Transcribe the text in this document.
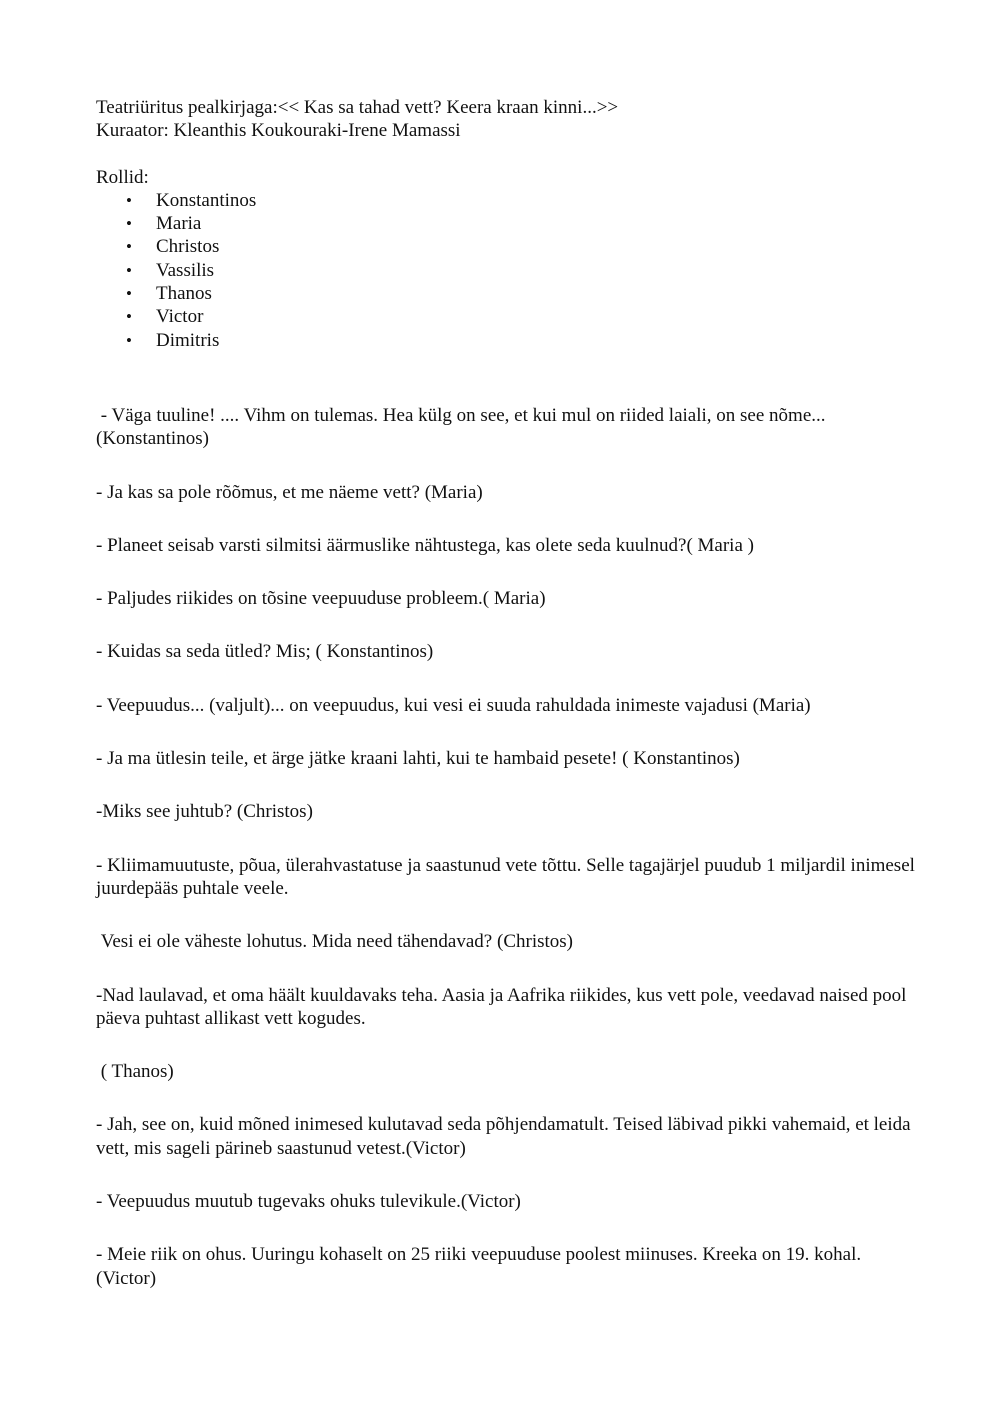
Teatriüritus pealkirjaga:<< Kas sa tahad vett? Keera kraan kinni...>>
Kuraator: Kleanthis Koukouraki-Irene Mamassi
Rollid:
• Konstantinos
• Maria
• Christos
• Vassilis
• Thanos
• Victor
• Dimitris
- Väga tuuline! .... Vihm on tulemas. Hea külg on see, et kui mul on riided laiali, on see nõme... (Konstantinos)
- Ja kas sa pole rõõmus, et me näeme vett? (Maria)
- Planeet seisab varsti silmitsi äärmuslike nähtustega, kas olete seda kuulnud?( Maria )
- Paljudes riikides on tõsine veepuuduse probleem.( Maria)
- Kuidas sa seda ütled? Mis; ( Konstantinos)
- Veepuudus... (valjult)... on veepuudus, kui vesi ei suuda rahuldada inimeste vajadusi (Maria)
- Ja ma ütlesin teile, et ärge jätke kraani lahti, kui te hambaid pesete! ( Konstantinos)
-Miks see juhtub? (Christos)
- Kliimamuutuste, põua, ülerahvastatuse ja saastunud vete tõttu. Selle tagajärjel puudub 1 miljardil inimesel juurdepääs puhtale veele.
Vesi ei ole väheste lohutus. Mida need tähendavad? (Christos)
-Nad laulavad, et oma häält kuuldavaks teha. Aasia ja Aafrika riikides, kus vett pole, veedavad naised pool päeva puhtast allikast vett kogudes.
( Thanos)
- Jah, see on, kuid mõned inimesed kulutavad seda põhjendamatult. Teised läbivad pikki vahemaid, et leida vett, mis sageli pärineb saastunud vetest.(Victor)
- Veepuudus muutub tugevaks ohuks tulevikule.(Victor)
- Meie riik on ohus. Uuringu kohaselt on 25 riiki veepuuduse poolest miinuses. Kreeka on 19. kohal.(Victor)
